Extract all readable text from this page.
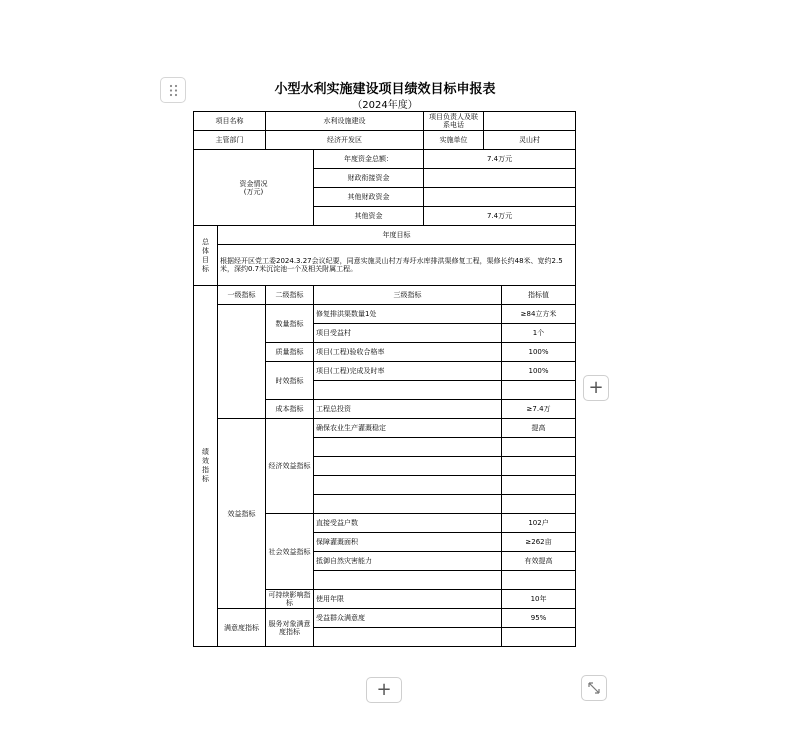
小型水利实施建设项目绩效目标申报表
（2024年度）
项目名称		水利设施建设		项目负责人及联系电话		
主管部门		经济开发区		实施单位	灵山村	
资金情况
(万元)			年度资金总额：	7.4万元		
			财政衔接资金			
			其他财政资金			
			其他资金	7.4万元		

总体目标	年度目标					
	根据经开区党工委2024.3.27会议纪要，同意实施灵山村万寿圩水库排洪渠修复工程，渠修长约48米、宽约2.5米，深约0.7米沉淀池一个及相关附属工程。					

绩效指标	一级指标	二级指标	三级指标			指标值
		数量指标	修复排洪渠数量1处			≥84立方米
			项目受益村			1个
		质量指标	项目(工程)验收合格率			100%
		时效指标	项目(工程)完成及时率			100%

		成本指标	工程总投资			≥7.4万
	效益指标	经济效益指标	确保农业生产灌溉稳定			提高

		社会效益指标	直接受益户数			102户
			保障灌溉面积			≥262亩
			抵御自然灾害能力			有效提高

		可持续影响指标	使用年限			10年
	满意度指标	服务对象满意度指标	受益群众满意度			95%

+
+
